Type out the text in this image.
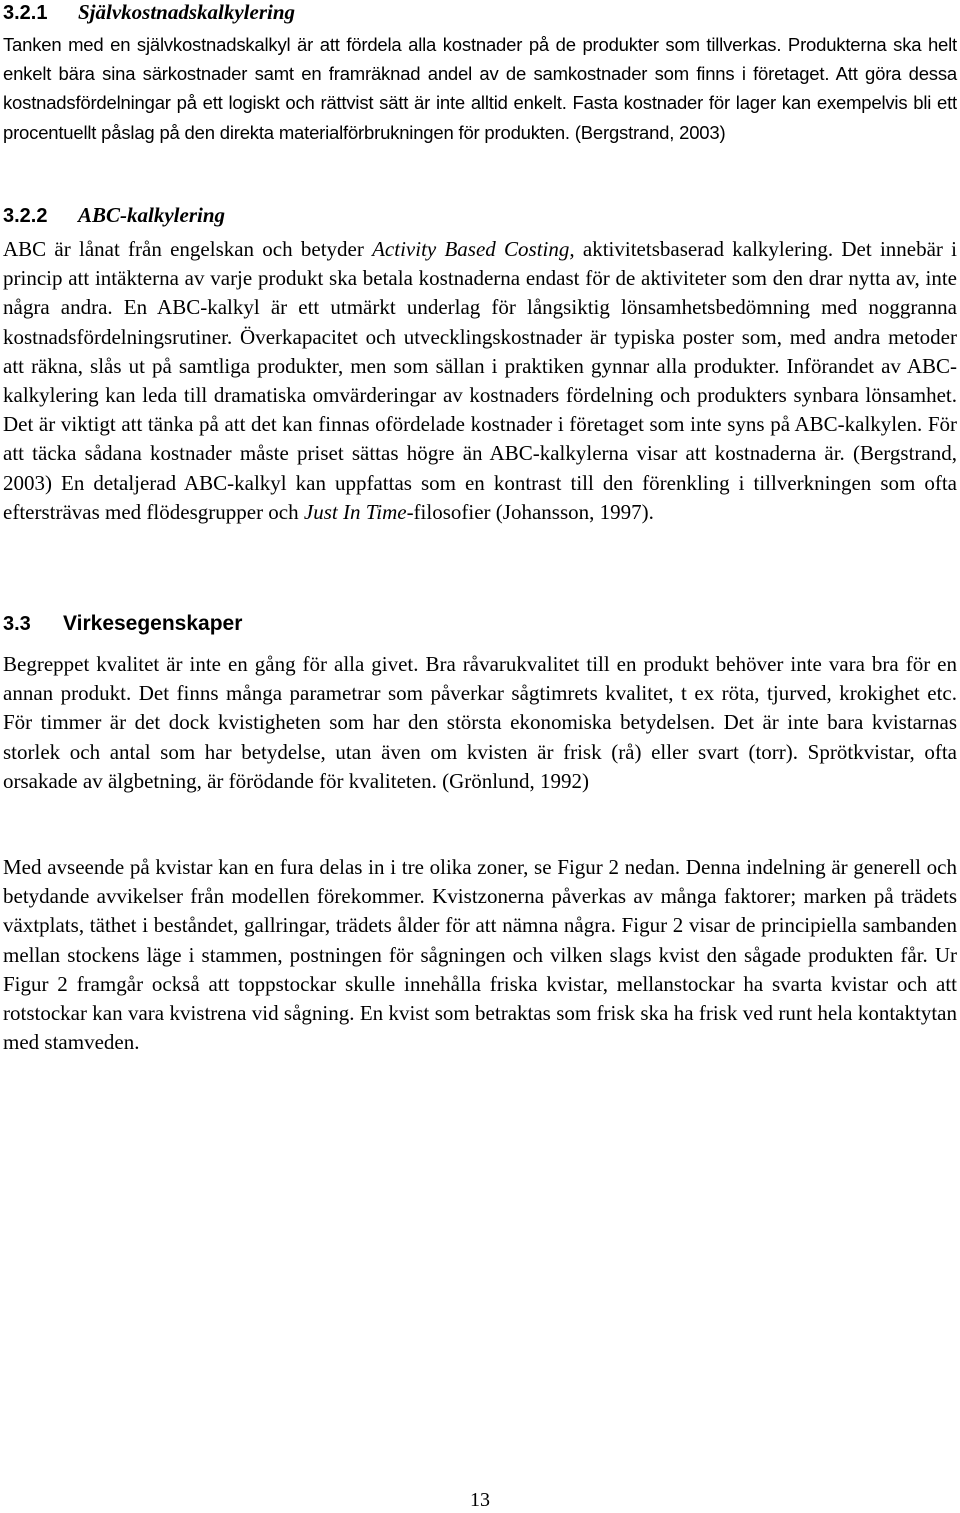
3.2.1 Självkostnadskalkylering

Tanken med en självkostnadskalkyl är att fördela alla kostnader på de produkter som tillverkas. Produkterna ska helt enkelt bära sina särkostnader samt en framräknad andel av de samkostnader som finns i företaget. Att göra dessa kostnadsfördelningar på ett logiskt och rättvist sätt är inte alltid enkelt. Fasta kostnader för lager kan exempelvis bli ett procentuellt påslag på den direkta materialförbrukningen för produkten. (Bergstrand, 2003)

3.2.2 ABC-kalkylering

ABC är lånat från engelskan och betyder Activity Based Costing, aktivitetsbaserad kalkylering. Det innebär i princip att intäkterna av varje produkt ska betala kostnaderna endast för de aktiviteter som den drar nytta av, inte några andra. En ABC-kalkyl är ett utmärkt underlag för långsiktig lönsamhetsbedömning med noggranna kostnadsfördelningsrutiner. Överkapacitet och utvecklingskostnader är typiska poster som, med andra metoder att räkna, slås ut på samtliga produkter, men som sällan i praktiken gynnar alla produkter. Införandet av ABC-kalkylering kan leda till dramatiska omvärderingar av kostnaders fördelning och produkters synbara lönsamhet. Det är viktigt att tänka på att det kan finnas ofördelade kostnader i företaget som inte syns på ABC-kalkylen. För att täcka sådana kostnader måste priset sättas högre än ABC-kalkylerna visar att kostnaderna är. (Bergstrand, 2003) En detaljerad ABC-kalkyl kan uppfattas som en kontrast till den förenkling i tillverkningen som ofta eftersträvas med flödesgrupper och Just In Time-filosofier (Johansson, 1997).

3.3 Virkesegenskaper

Begreppet kvalitet är inte en gång för alla givet. Bra råvarukvalitet till en produkt behöver inte vara bra för en annan produkt. Det finns många parametrar som påverkar sågtimrets kvalitet, t ex röta, tjurved, krokighet etc. För timmer är det dock kvistigheten som har den största ekonomiska betydelsen. Det är inte bara kvistarnas storlek och antal som har betydelse, utan även om kvisten är frisk (rå) eller svart (torr). Sprötkvistar, ofta orsakade av älgbetning, är förödande för kvaliteten. (Grönlund, 1992)

Med avseende på kvistar kan en fura delas in i tre olika zoner, se Figur 2 nedan. Denna indelning är generell och betydande avvikelser från modellen förekommer. Kvistzonerna påverkas av många faktorer; marken på trädets växtplats, täthet i beståndet, gallringar, trädets ålder för att nämna några. Figur 2 visar de principiella sambanden mellan stockens läge i stammen, postningen för sågningen och vilken slags kvist den sågade produkten får. Ur Figur 2 framgår också att toppstockar skulle innehålla friska kvistar, mellanstockar ha svarta kvistar och att rotstockar kan vara kvistrena vid sågning. En kvist som betraktas som frisk ska ha frisk ved runt hela kontaktytan med stamveden.

13
